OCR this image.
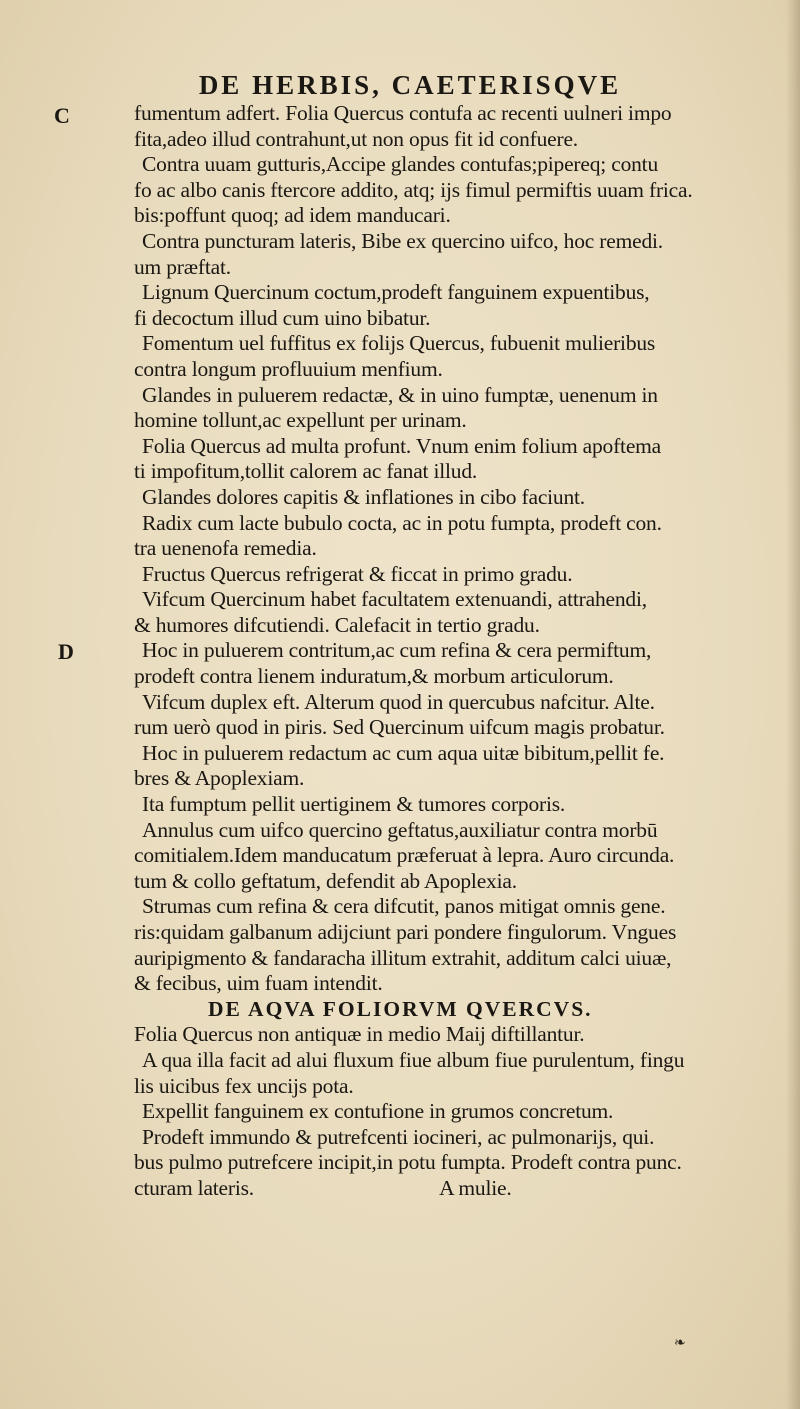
DE HERBIS, CAETERISQVE
C
D
fumentum adfert. Folia Quercus contufa ac recenti uulneri impo
fita,adeo illud contrahunt,ut non opus fit id confuere.
Contra uuam gutturis,Accipe glandes contufas;pipereq; contu
fo ac albo canis ftercore addito, atq; ijs fimul permiftis uuam frica.
bis:poffunt quoq; ad idem manducari.
Contra puncturam lateris, Bibe ex quercino uifco, hoc remedi.
um præftat.
Lignum Quercinum coctum,prodeft fanguinem expuentibus,
fi decoctum illud cum uino bibatur.
Fomentum uel fuffitus ex folijs Quercus, fubuenit mulieribus
contra longum profluuium menfium.
Glandes in puluerem redactæ, & in uino fumptæ, uenenum in
homine tollunt,ac expellunt per urinam.
Folia Quercus ad multa profunt. Vnum enim folium apoftema
ti impofitum,tollit calorem ac fanat illud.
Glandes dolores capitis & inflationes in cibo faciunt.
Radix cum lacte bubulo cocta, ac in potu fumpta, prodeft con.
tra uenenofa remedia.
Fructus Quercus refrigerat & ficcat in primo gradu.
Vifcum Quercinum habet facultatem extenuandi, attrahendi,
& humores difcutiendi. Calefacit in tertio gradu.
Hoc in puluerem contritum,ac cum refina & cera permiftum,
prodeft contra lienem induratum,& morbum articulorum.
Vifcum duplex eft. Alterum quod in quercubus nafcitur. Alte.
rum uerò quod in piris. Sed Quercinum uifcum magis probatur.
Hoc in puluerem redactum ac cum aqua uitæ bibitum,pellit fe.
bres & Apoplexiam.
Ita fumptum pellit uertiginem & tumores corporis.
Annulus cum uifco quercino geftatus,auxiliatur contra morbū
comitialem.Idem manducatum præferuat à lepra. Auro circunda.
tum & collo geftatum, defendit ab Apoplexia.
Strumas cum refina & cera difcutit, panos mitigat omnis gene.
ris:quidam galbanum adijciunt pari pondere fingulorum. Vngues
auripigmento & fandaracha illitum extrahit, additum calci uiuæ,
& fecibus, uim fuam intendit.
DE AQVA FOLIORVM QVERCVS.
Folia Quercus non antiquæ in medio Maij diftillantur.
A qua illa facit ad alui fluxum fiue album fiue purulentum, fingu
lis uicibus fex uncijs pota.
Expellit fanguinem ex contufione in grumos concretum.
Prodeft immundo & putrefcenti iocineri, ac pulmonarijs, qui.
bus pulmo putrefcere incipit,in potu fumpta. Prodeft contra punc.
cturam lateris.                                    A mulie.
❧
